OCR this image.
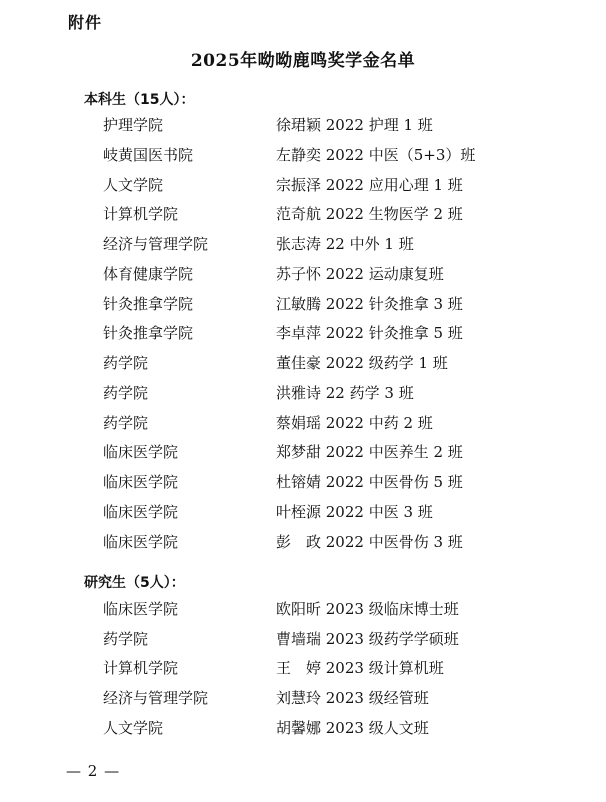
附件
2025年呦呦鹿鸣奖学金名单
本科生（15人）：
护理学院	徐珺颖 2022 护理 1 班
岐黄国医书院	左静奕 2022 中医（5+3）班
人文学院	宗振泽 2022 应用心理 1 班
计算机学院	范奇航 2022 生物医学 2 班
经济与管理学院	张志涛 22 中外 1 班
体育健康学院	苏子怀 2022 运动康复班
针灸推拿学院	江敏腾 2022 针灸推拿 3 班
针灸推拿学院	李卓萍 2022 针灸推拿 5 班
药学院	董佳豪 2022 级药学 1 班
药学院	洪雅诗 22 药学 3 班
药学院	蔡娟瑶 2022 中药 2 班
临床医学院	郑梦甜 2022 中医养生 2 班
临床医学院	杜镕婧 2022 中医骨伤 5 班
临床医学院	叶桎源 2022 中医 3 班
临床医学院	彭　政 2022 中医骨伤 3 班
研究生（5人）：
临床医学院	欧阳昕 2023 级临床博士班
药学院	曹墙瑞 2023 级药学学硕班
计算机学院	王　婷 2023 级计算机班
经济与管理学院	刘慧玲 2023 级经管班
人文学院	胡馨娜 2023 级人文班
— 2 —
